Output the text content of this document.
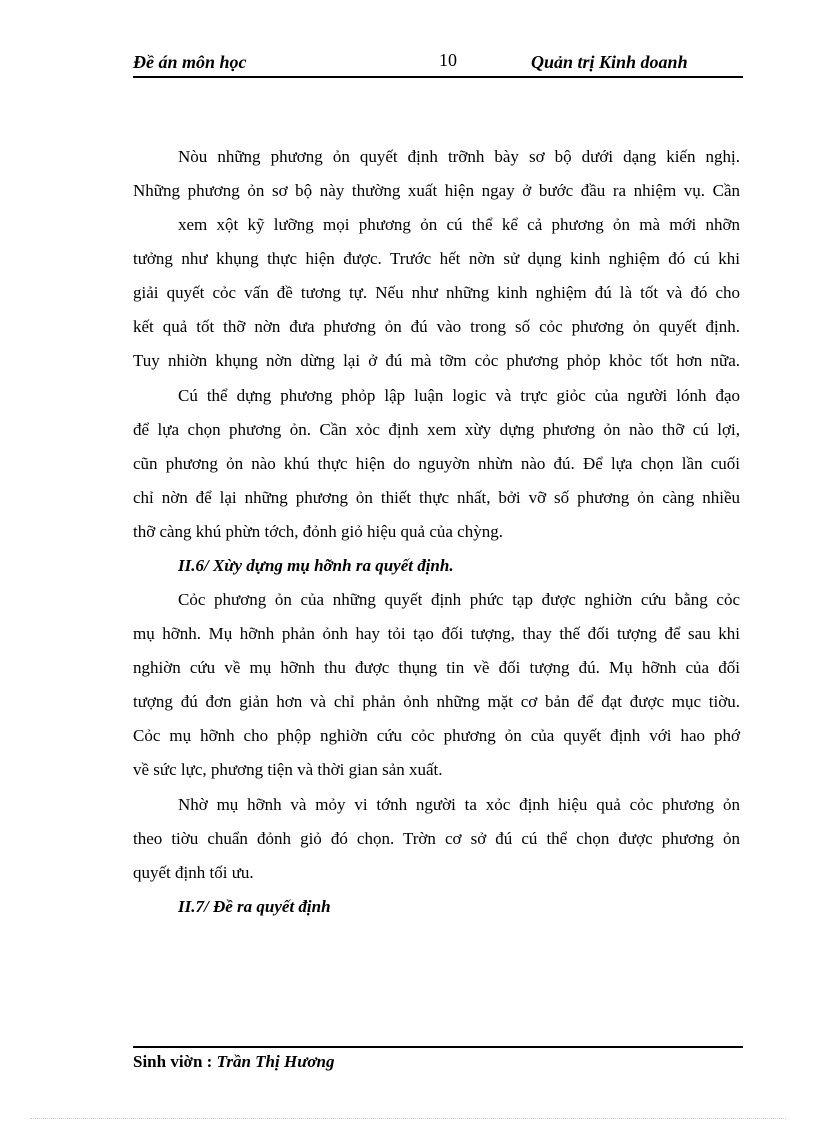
Đề án môn học	10	Quản trị Kinh doanh
Nòu những phương ỏn quyết định trỡnh bày sơ bộ dưới dạng kiến nghị.
Những phương ỏn sơ bộ này thường xuất hiện ngay ở bước đầu ra nhiệm vụ. Cần
xem xột kỹ lưỡng mọi phương ỏn cú thể kể cả phương ỏn mà mới nhỡn
tưởng như khụng thực hiện được. Trước hết nờn sử dụng kinh nghiệm đó cú khi
giải quyết cỏc vấn đề tương tự. Nếu như những kinh nghiệm đú là tốt và đó cho
kết quả tốt thỡ nờn đưa phương ỏn đú vào trong số cỏc phương ỏn quyết định.
Tuy nhiờn khụng nờn dừng lại ở đú mà tỡm cỏc phương phỏp khỏc tốt hơn nữa.
Cú thể dựng phương phỏp lập luận logic và trực giỏc của người lónh đạo
để lựa chọn phương ỏn. Cần xỏc định xem xừy dựng phương ỏn nào thỡ cú lợi,
cũn phương ỏn nào khú thực hiện do nguyờn nhừn nào đú. Để lựa chọn lần cuối
chỉ nờn để lại những phương ỏn thiết thực nhất, bởi vỡ số phương ỏn càng nhiều
thỡ càng khú phừn tớch, đỏnh giỏ hiệu quả của chỳng.
II.6/ Xừy dựng mụ hỡnh ra quyết định.
Cỏc phương ỏn của những quyết định phức tạp được nghiờn cứu bằng cỏc
mụ hỡnh. Mụ hỡnh phản ỏnh hay tỏi tạo đối tượng, thay thế đối tượng để sau khi
nghiờn cứu về mụ hỡnh thu được thụng tin về đối tượng đú. Mụ hỡnh của đối
tượng đú đơn giản hơn và chỉ phản ỏnh những mặt cơ bản để đạt được mục tiờu.
Cỏc mụ hỡnh cho phộp nghiờn cứu cỏc phương ỏn của quyết định với hao phớ
về sức lực, phương tiện và thời gian sản xuất.
Nhờ mụ hỡnh và mỏy vi tớnh người ta xỏc định hiệu quả cỏc phương ỏn
theo tiờu chuẩn đỏnh giỏ đó chọn. Trờn cơ sở đú cú thể chọn được phương ỏn
quyết định tối ưu.
II.7/ Đề ra quyết định
Sinh viờn : Trần Thị Hương
